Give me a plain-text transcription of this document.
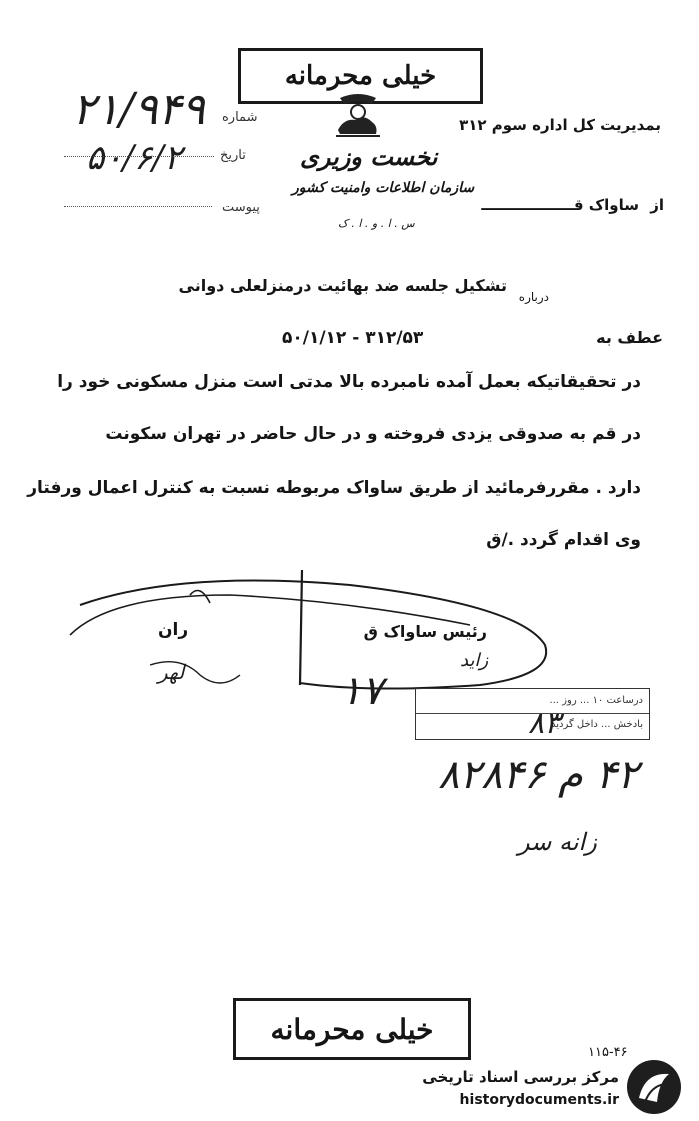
خیلی محرمانه
۲۱/۹۴۹ شماره
۵۰/۶/۲	تاریخ
پیوست
بمدیریت کل اداره سوم ۳۱۲
نخست وزیری
سازمان اطلاعات وامنیت کشور
س . ا . و . ا . ک
از ساواک قــــــــــــــــــ
درباره
تشکیل جلسه ضد بهائیت درمنزلعلی دوانی
عطف به
۳۱۲/۵۳ - ۵۰/۱/۱۲
در تحقیقاتیکه بعمل آمده نامبرده بالا مدتی است منزل مسکونی خود را
در قم به صدوقی یزدی فروخته و در حال حاضر در تهران سکونت
دارد . مقررفرمائید از طریق ساواک مربوطه نسبت به کنترل اعمال ورفتار
وی اقدام گردد ./ق
رئیس ساواک ق
ران
لهر
درساعت ۱۰ ... روز ...
بادخش ... داخل گردید
۸۳
۱۷
زاید
۴۲ م ۸۲۸۴۶
زانه سر
خیلی محرمانه
۱۱۵-۴۶
مرکز بررسی اسناد تاریخی
historydocuments.ir
